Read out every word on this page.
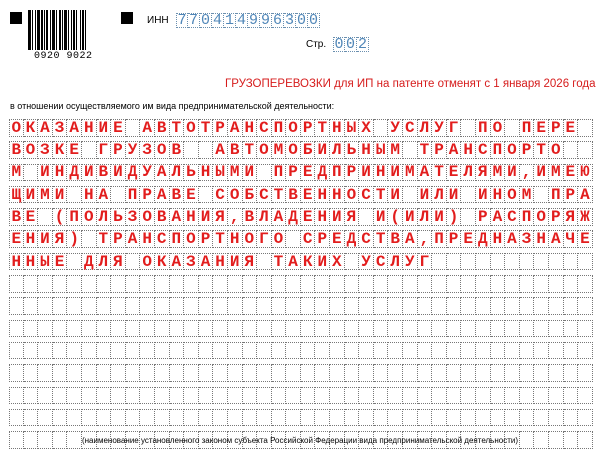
0920 9022
ИНН 7 7 0 4 1 4 9 9 6 3 0 0
Стр. 0 0 2
ГРУЗОПЕРЕВОЗКИ для ИП на патенте отменят с 1 января 2026 года
в отношении осуществляемого им вида предпринимательской деятельности:
О К А З А Н И Е А В Т О Т Р А Н С П О Р Т Н Ы Х У С Л У Г П О П Е Р Е
В О З К Е Г Р У З О В А В Т О М О Б И Л Ь Н Ы М Т Р А Н С П О Р Т О
М И Н Д И В И Д У А Л Ь Н Ы М И П Р Е Д П Р И Н И М А Т Е Л Я М И , И М Е Ю
Щ И М И Н А П Р А В Е С О Б С Т В Е Н Н О С Т И И Л И И Н О М П Р А
В Е ( П О Л Ь З О В А Н И Я , В Л А Д Е Н И Я И ( И Л И ) Р А С П О Р Я Ж
Е Н И Я ) Т Р А Н С П О Р Т Н О Г О С Р Е Д С Т В А , П Р Е Д Н А З Н А Ч Е
Н Н Ы Е Д Л Я О К А З А Н И Я Т А К И Х У С Л У Г
(наименование установленного законом субъекта Российской Федерации вида предпринимательской деятельности)
